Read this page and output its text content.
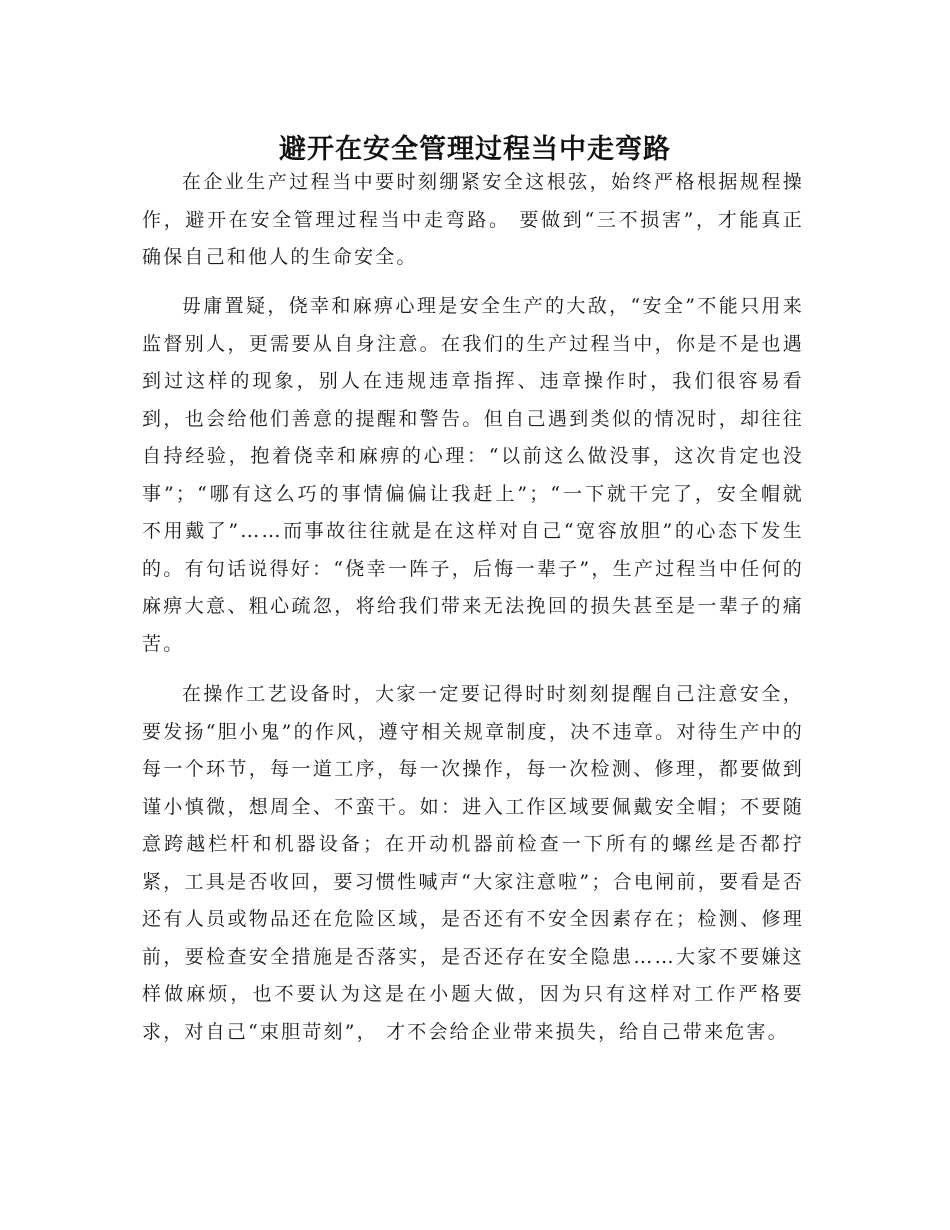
避开在安全管理过程当中走弯路

在企业生产过程当中要时刻绷紧安全这根弦，始终严格根据规程操作，避开在安全管理过程当中走弯路。 要做到“三不损害”，才能真正确保自己和他人的生命安全。

毋庸置疑，侥幸和麻痹心理是安全生产的大敌，“安全”不能只用来监督别人，更需要从自身注意。在我们的生产过程当中，你是不是也遇到过这样的现象，别人在违规违章指挥、违章操作时，我们很容易看到，也会给他们善意的提醒和警告。但自己遇到类似的情况时，却往往自持经验，抱着侥幸和麻痹的心理：“以前这么做没事，这次肯定也没事”；“哪有这么巧的事情偏偏让我赶上”；“一下就干完了，安全帽就不用戴了”……而事故往往就是在这样对自己“宽容放胆”的心态下发生的。有句话说得好：“侥幸一阵子，后悔一辈子”，生产过程当中任何的麻痹大意、粗心疏忽，将给我们带来无法挽回的损失甚至是一辈子的痛苦。

在操作工艺设备时，大家一定要记得时时刻刻提醒自己注意安全，要发扬“胆小鬼”的作风，遵守相关规章制度，决不违章。对待生产中的每一个环节，每一道工序，每一次操作，每一次检测、修理，都要做到谨小慎微，想周全、不蛮干。如：进入工作区域要佩戴安全帽；不要随意跨越栏杆和机器设备；在开动机器前检查一下所有的螺丝是否都拧紧，工具是否收回，要习惯性喊声“大家注意啦”；合电闸前，要看是否还有人员或物品还在危险区域，是否还有不安全因素存在；检测、修理前，要检查安全措施是否落实，是否还存在安全隐患……大家不要嫌这样做麻烦，也不要认为这是在小题大做，因为只有这样对工作严格要求，对自己“束胆苛刻”， 才不会给企业带来损失，给自己带来危害。
